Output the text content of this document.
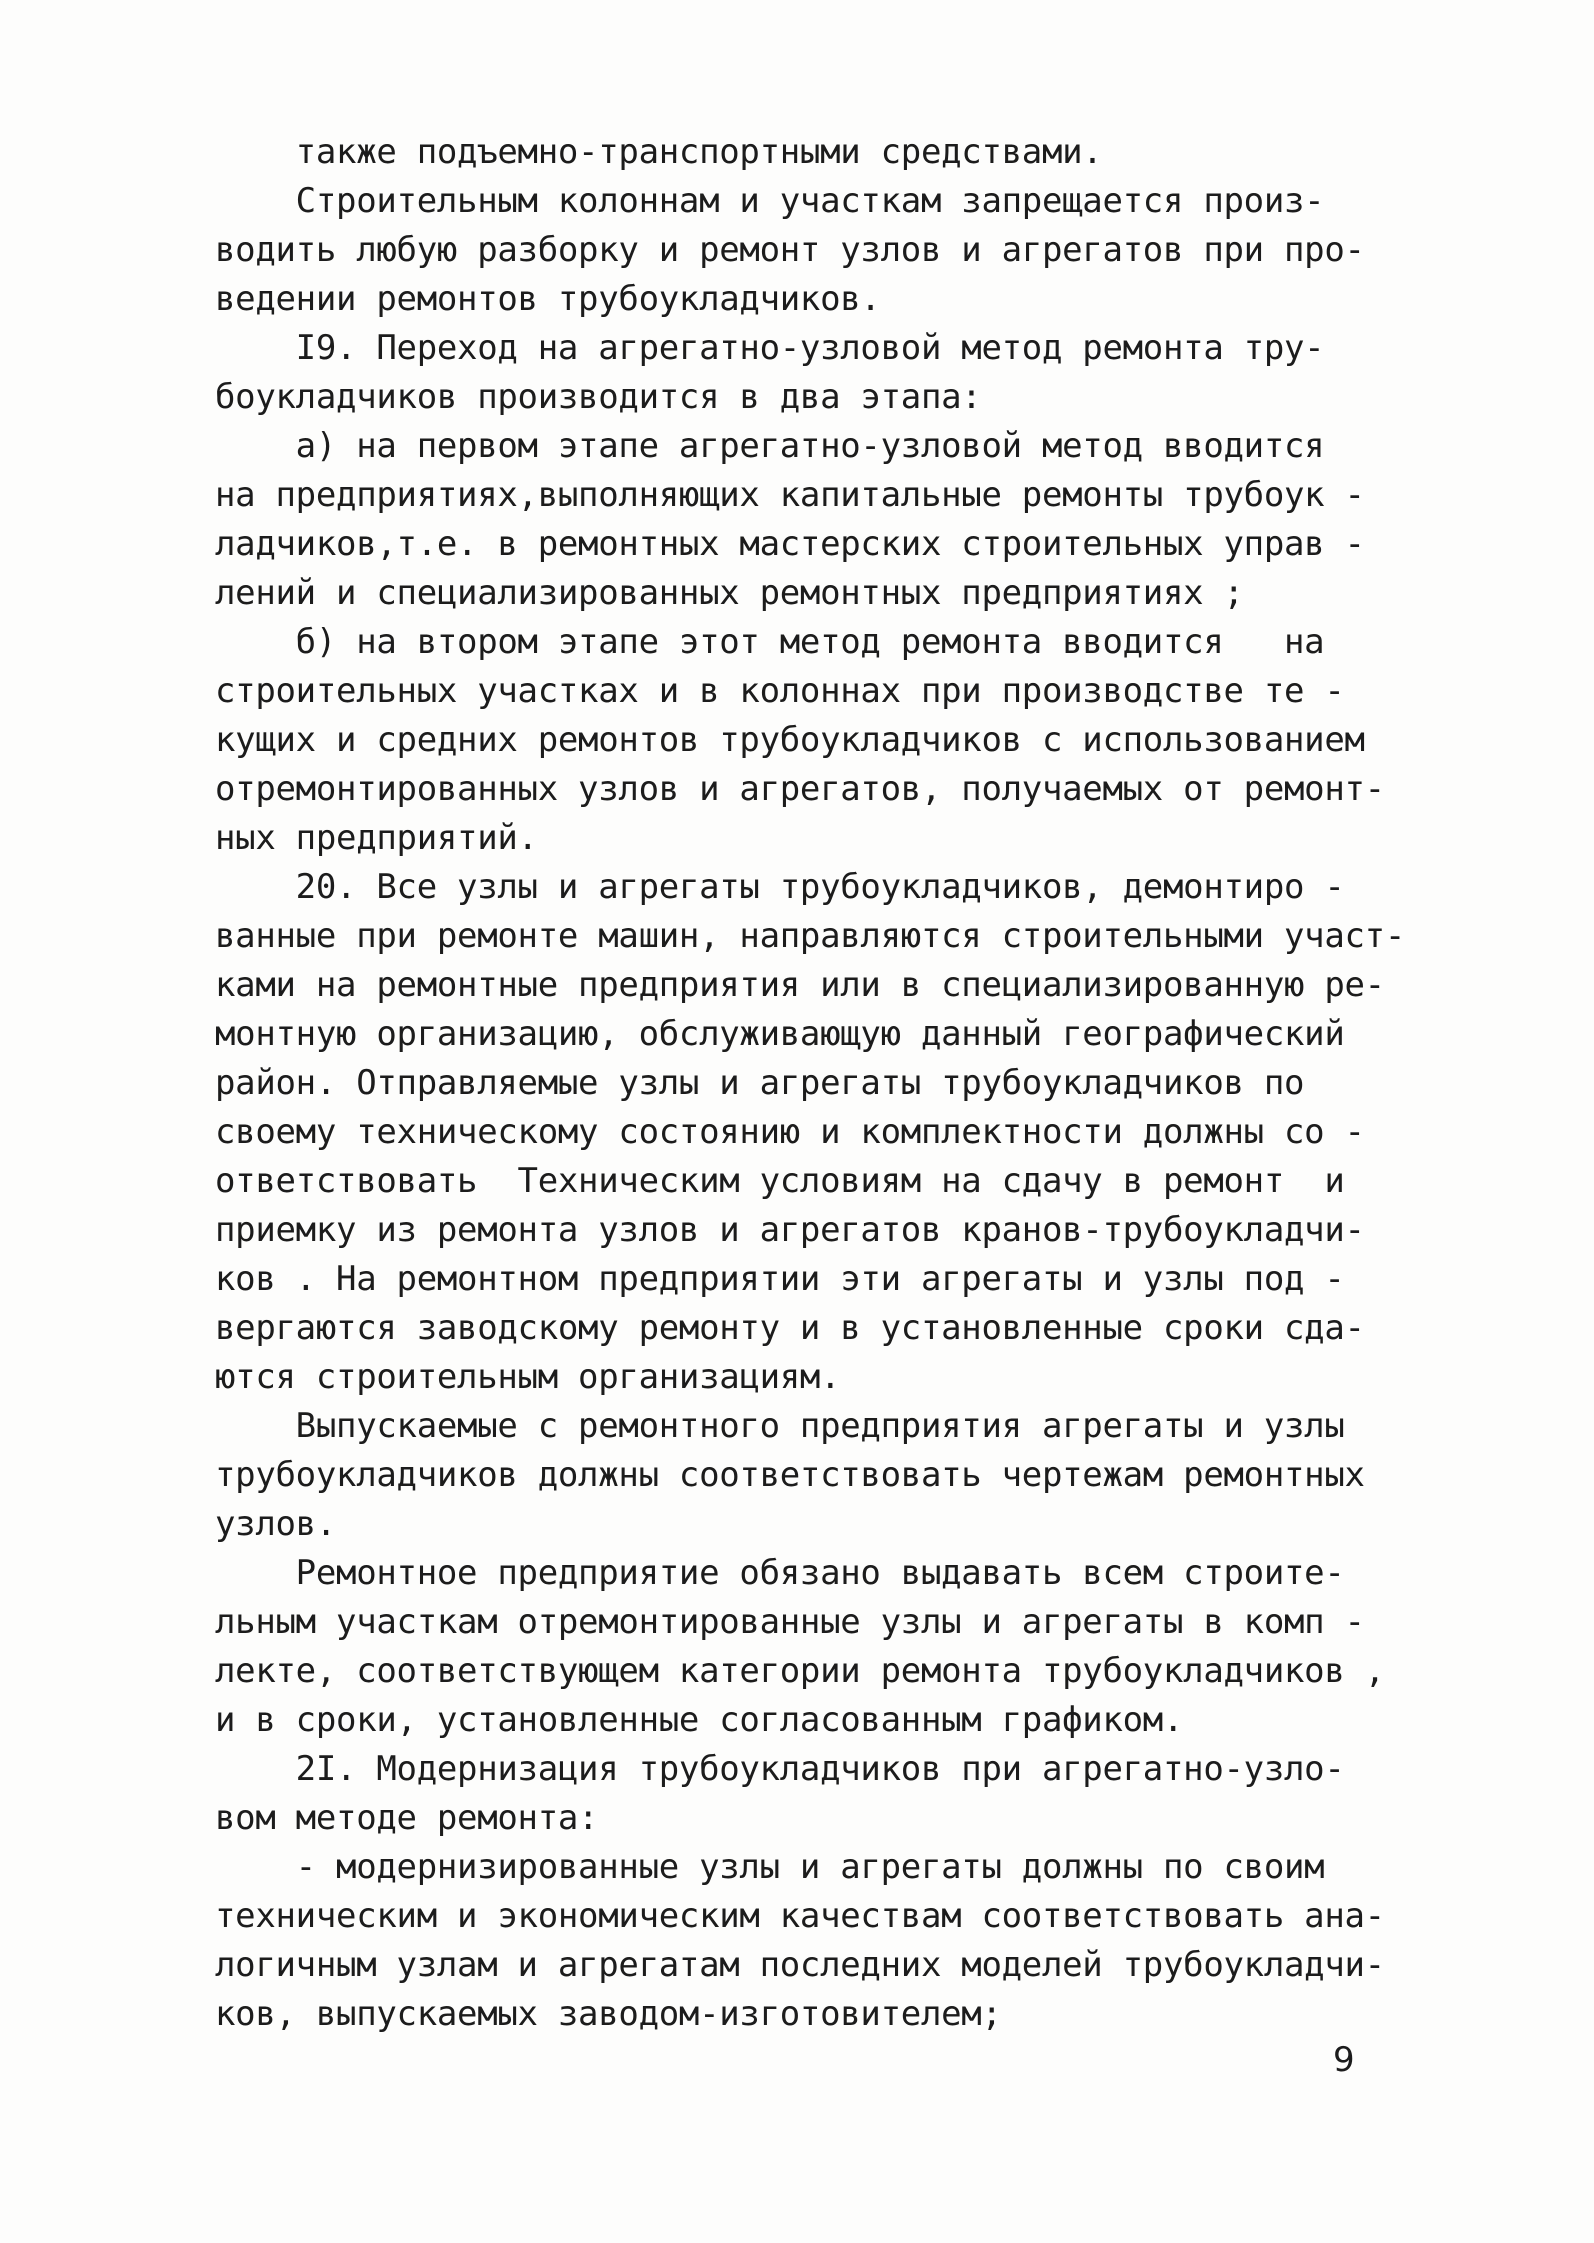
также подъемно-транспортными средствами.
Строительным колоннам и участкам запрещается произ-
водить любую разборку и ремонт узлов и агрегатов при про-
ведении ремонтов трубоукладчиков.
I9. Переход на агрегатно-узловой метод ремонта тру-
боукладчиков производится в два этапа:
а) на первом этапе агрегатно-узловой метод вводится
на предприятиях,выполняющих капитальные ремонты трубоук -
ладчиков,т.е. в ремонтных мастерских строительных управ -
лений и специализированных ремонтных предприятиях ;
б) на втором этапе этот метод ремонта вводится   на
строительных участках и в колоннах при производстве те -
кущих и средних ремонтов трубоукладчиков с использованием
отремонтированных узлов и агрегатов, получаемых от ремонт-
ных предприятий.
20. Все узлы и агрегаты трубоукладчиков, демонтиро -
ванные при ремонте машин, направляются строительными участ-
ками на ремонтные предприятия или в специализированную ре-
монтную организацию, обслуживающую данный географический
район. Отправляемые узлы и агрегаты трубоукладчиков по
своему техническому состоянию и комплектности должны со -
ответствовать  Техническим условиям на сдачу в ремонт  и
приемку из ремонта узлов и агрегатов кранов-трубоукладчи-
ков . На ремонтном предприятии эти агрегаты и узлы под -
вергаются заводскому ремонту и в установленные сроки сда-
ются строительным организациям.
Выпускаемые с ремонтного предприятия агрегаты и узлы
трубоукладчиков должны соответствовать чертежам ремонтных
узлов.
Ремонтное предприятие обязано выдавать всем строите-
льным участкам отремонтированные узлы и агрегаты в комп -
лекте, соответствующем категории ремонта трубоукладчиков ,
и в сроки, установленные согласованным графиком.
2I. Модернизация трубоукладчиков при агрегатно-узло-
вом методе ремонта:
- модернизированные узлы и агрегаты должны по своим
техническим и экономическим качествам соответствовать ана-
логичным узлам и агрегатам последних моделей трубоукладчи-
ков, выпускаемых заводом-изготовителем;
9
